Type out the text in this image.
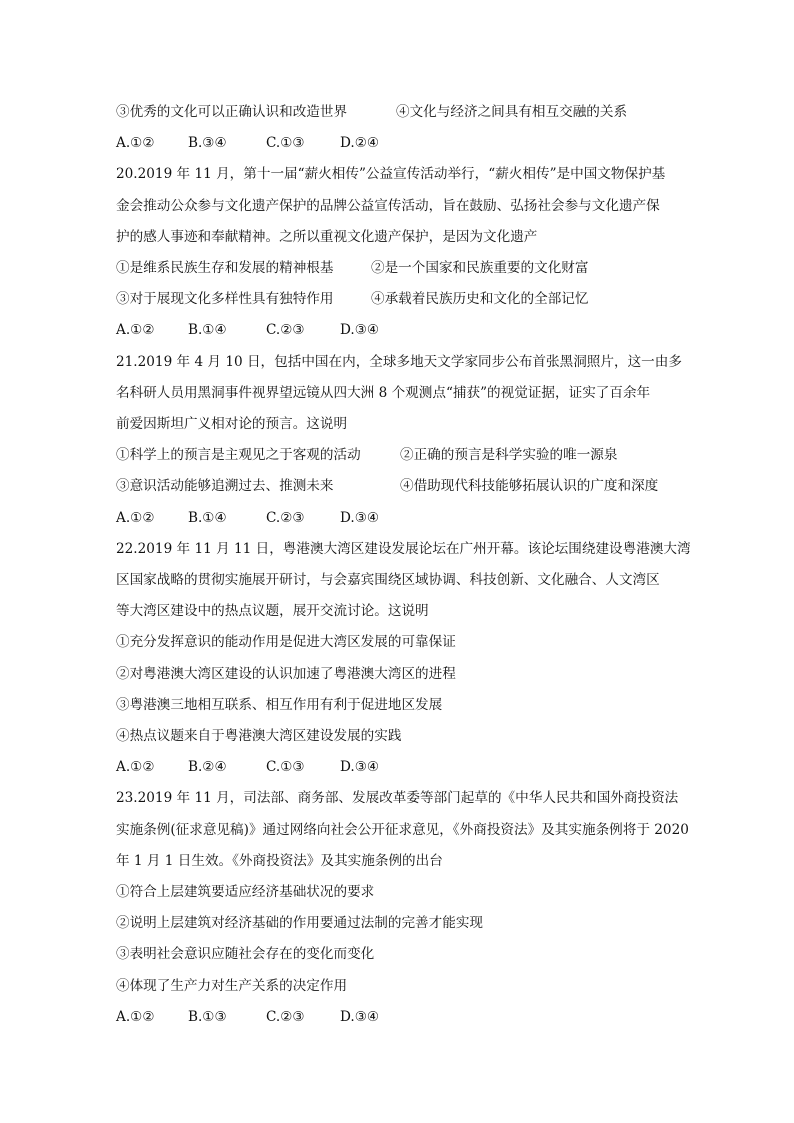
③优秀的文化可以正确认识和改造世界	④文化与经济之间具有相互交融的关系
A.①② B.③④	C.①③	D.②④
20.2019 年 11 月，第十一届“薪火相传”公益宣传活动举行，“薪火相传”是中国文物保护基
金会推动公众参与文化遗产保护的品牌公益宣传活动，旨在鼓励、弘扬社会参与文化遗产保
护的感人事迹和奉献精神。之所以重视文化遗产保护，是因为文化遗产
①是维系民族生存和发展的精神根基	②是一个国家和民族重要的文化财富
③对于展现文化多样性具有独特作用	④承载着民族历史和文化的全部记忆
A.①② B.①④	C.②③	D.③④
21.2019 年 4 月 10 日，包括中国在内，全球多地天文学家同步公布首张黑洞照片，这一由多
名科研人员用黑洞事件视界望远镜从四大洲 8 个观测点“捕获”的视觉证据，证实了百余年
前爱因斯坦广义相对论的预言。这说明
①科学上的预言是主观见之于客观的活动	②正确的预言是科学实验的唯一源泉
③意识活动能够追溯过去、推测未来	④借助现代科技能够拓展认识的广度和深度
A.①② B.①④	C.②③	D.③④
22.2019 年 11 月 11 日，粤港澳大湾区建设发展论坛在广州开幕。该论坛围绕建设粤港澳大湾
区国家战略的贯彻实施展开研讨，与会嘉宾围绕区域协调、科技创新、文化融合、人文湾区
等大湾区建设中的热点议题，展开交流讨论。这说明
①充分发挥意识的能动作用是促进大湾区发展的可靠保证
②对粤港澳大湾区建设的认识加速了粤港澳大湾区的进程
③粤港澳三地相互联系、相互作用有利于促进地区发展
④热点议题来自于粤港澳大湾区建设发展的实践
A.①② B.②④	C.①③	D.③④
23.2019 年 11 月，司法部、商务部、发展改革委等部门起草的《中华人民共和国外商投资法
实施条例(征求意见稿)》通过网络向社会公开征求意见，《外商投资法》及其实施条例将于 2020
年 1 月 1 日生效。《外商投资法》及其实施条例的出台
①符合上层建筑要适应经济基础状况的要求
②说明上层建筑对经济基础的作用要通过法制的完善才能实现
③表明社会意识应随社会存在的变化而变化
④体现了生产力对生产关系的决定作用
A.①② B.①③	C.②③	D.③④
